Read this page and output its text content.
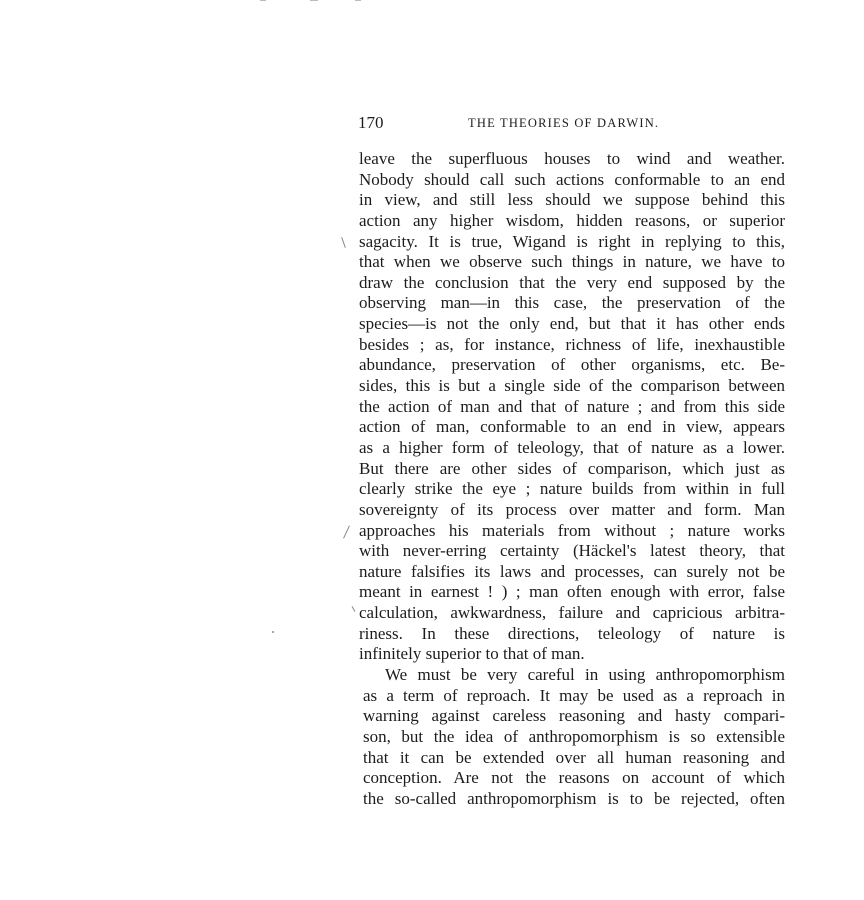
170	THE THEORIES OF DARWIN.
leave the superfluous houses to wind and weather.
Nobody should call such actions conformable to an end
in view, and still less should we suppose behind this
action any higher wisdom, hidden reasons, or superior
sagacity. It is true, Wigand is right in replying to this,
that when we observe such things in nature, we have to
draw the conclusion that the very end supposed by the
observing man—in this case, the preservation of the
species—is not the only end, but that it has other ends
besides ; as, for instance, richness of life, inexhaustible
abundance, preservation of other organisms, etc. Be-
sides, this is but a single side of the comparison between
the action of man and that of nature ; and from this side
action of man, conformable to an end in view, appears
as a higher form of teleology, that of nature as a lower.
But there are other sides of comparison, which just as
clearly strike the eye ; nature builds from within in full
sovereignty of its process over matter and form. Man
approaches his materials from without ; nature works
with never-erring certainty (Häckel's latest theory, that
nature falsifies its laws and processes, can surely not be
meant in earnest ! ) ; man often enough with error, false
calculation, awkwardness, failure and capricious arbitra-
riness. In these directions, teleology of nature is
infinitely superior to that of man.
We must be very careful in using anthropomorphism
as a term of reproach. It may be used as a reproach in
warning against careless reasoning and hasty compari-
son, but the idea of anthropomorphism is so extensible
that it can be extended over all human reasoning and
conception. Are not the reasons on account of which
the so-called anthropomorphism is to be rejected, often
